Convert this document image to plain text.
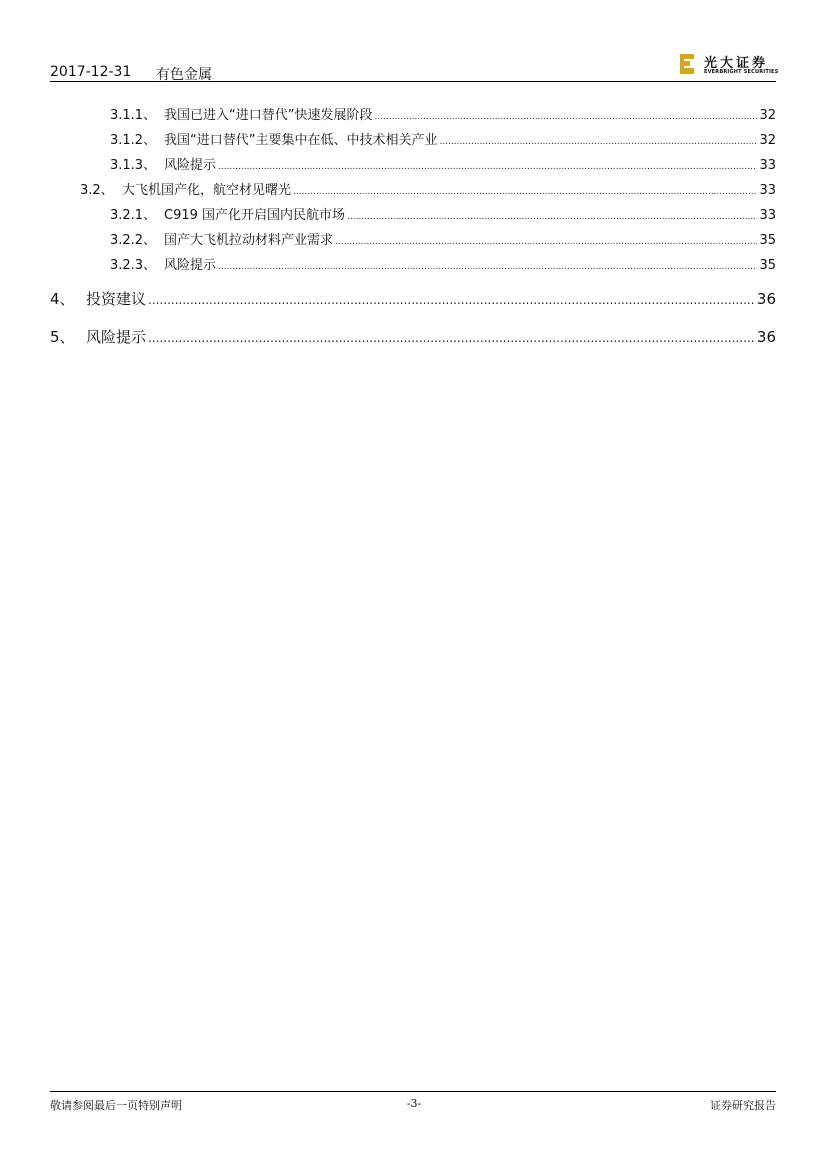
2017-12-31 有色金属
光大证券
EVERBRIGHT SECURITIES
3.1.1、 我国已进入“进口替代”快速发展阶段 .....	32
3.1.2、 我国“进口替代”主要集中在低、中技术相关产业 .....	32
3.1.3、 风险提示 .....	33
3.2、 大飞机国产化，航空材见曙光 .....	33
3.2.1、 C919 国产化开启国内民航市场 .....	33
3.2.2、 国产大飞机拉动材料产业需求 .....	35
3.2.3、 风险提示 .....	35
4、 投资建议 .....	36
5、 风险提示 .....	36
敬请参阅最后一页特别声明	-3-	证券研究报告
